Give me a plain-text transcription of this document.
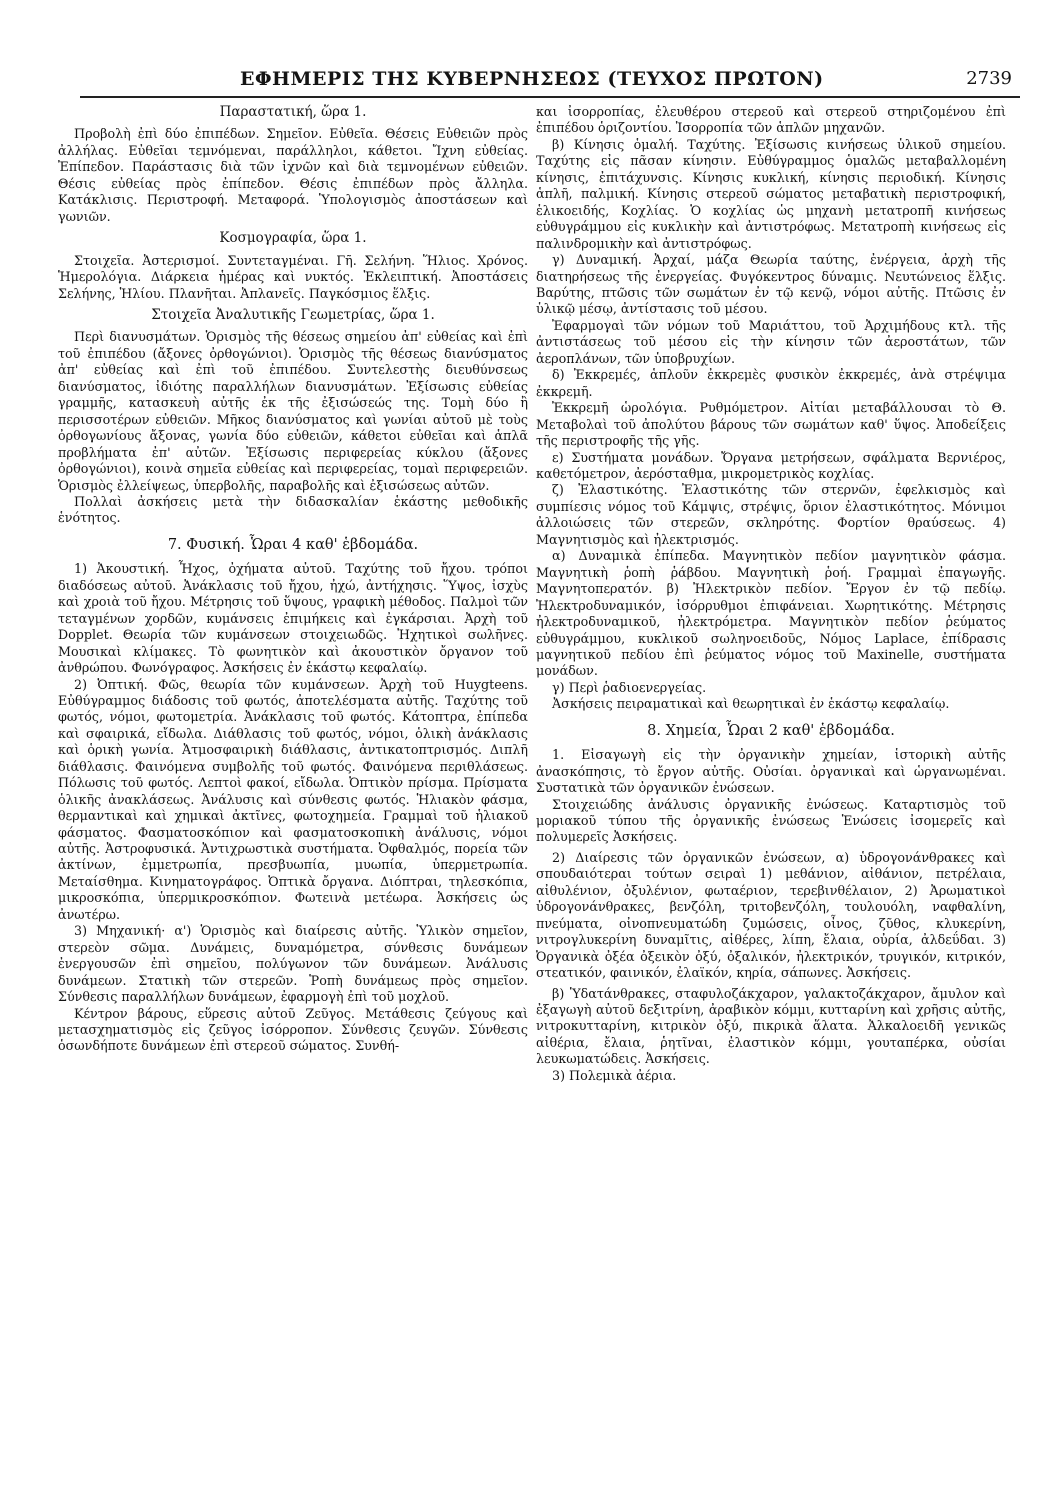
ΕΦΗΜΕΡΙΣ ΤΗΣ ΚΥΒΕΡΝΗΣΕΩΣ (ΤΕΥΧΟΣ ΠΡΩΤΟΝ)	2739

Παραστατική, ὥρα 1.

Προβολὴ ἐπὶ δύο ἐπιπέδων. Σημεῖον. Εὐθεῖα. Θέσεις Εὐθειῶν πρὸς ἀλλήλας. Εὐθεῖαι τεμνόμεναι, παράλληλοι, κάθετοι. Ἴχνη εὐθείας. Ἐπίπεδον. Παράστασις διὰ τῶν ἰχνῶν καὶ διὰ τεμνομένων εὐθειῶν. Θέσις εὐθείας πρὸς ἐπίπεδον. Θέσις ἐπιπέδων πρὸς ἄλληλα. Κατάκλισις. Περιστροφή. Μεταφορά. Ὑπολογισμὸς ἀποστάσεων καὶ γωνιῶν.

Κοσμογραφία, ὥρα 1.

Στοιχεῖα. Ἀστερισμοί. Συντεταγμέναι. Γῆ. Σελήνη. Ἥλιος. Χρόνος. Ἡμερολόγια. Διάρκεια ἡμέρας καὶ νυκτός. Ἐκλειπτική. Ἀποστάσεις Σελήνης, Ἡλίου. Πλανῆται. Ἀπλανεῖς. Παγκόσμιος ἕλξις.

Στοιχεῖα Ἀναλυτικῆς Γεωμετρίας, ὥρα 1.

Περὶ διανυσμάτων. Ὁρισμὸς τῆς θέσεως σημείου ἀπ' εὐθείας καὶ ἐπὶ τοῦ ἐπιπέδου (ἄξονες ὀρθογώνιοι). Ὁρισμὸς τῆς θέσεως διανύσματος ἀπ' εὐθείας καὶ ἐπὶ τοῦ ἐπιπέδου. Συντελεστὴς διευθύνσεως διανύσματος, ἰδιότης παραλλήλων διανυσμάτων. Ἐξίσωσις εὐθείας γραμμῆς, κατασκευὴ αὐτῆς ἐκ τῆς ἐξισώσεώς της. Τομὴ δύο ἢ περισσοτέρων εὐθειῶν. Μῆκος διανύσματος καὶ γωνίαι αὐτοῦ μὲ τοὺς ὀρθογωνίους ἄξονας, γωνία δύο εὐθειῶν, κάθετοι εὐθεῖαι καὶ ἁπλᾶ προβλήματα ἐπ' αὐτῶν. Ἐξίσωσις περιφερείας κύκλου (ἄξονες ὀρθογώνιοι), κοινὰ σημεῖα εὐθείας καὶ περιφερείας, τομαὶ περιφερειῶν. Ὁρισμὸς ἐλλείψεως, ὑπερβολῆς, παραβολῆς καὶ ἐξισώσεως αὐτῶν.

Πολλαὶ ἀσκήσεις μετὰ τὴν διδασκαλίαν ἑκάστης μεθοδικῆς ἑνότητος.

7. Φυσική. Ὧραι 4 καθ' ἑβδομάδα.

1) Ἀκουστική. Ἦχος, ὀχήματα αὐτοῦ. Ταχύτης τοῦ ἤχου. τρόποι διαδόσεως αὐτοῦ. Ἀνάκλασις τοῦ ἤχου, ἠχώ, ἀντήχησις. Ὕψος, ἰσχὺς καὶ χροιὰ τοῦ ἤχου. Μέτρησις τοῦ ὕψους, γραφικὴ μέθοδος. Παλμοὶ τῶν τεταγμένων χορδῶν, κυμάνσεις ἐπιμήκεις καὶ ἐγκάρσιαι. Ἀρχὴ τοῦ Dopplet. Θεωρία τῶν κυμάνσεων στοιχειωδῶς. Ἠχητικοὶ σωλῆνες. Μουσικαὶ κλίμακες. Τὸ φωνητικὸν καὶ ἀκουστικὸν ὄργανον τοῦ ἀνθρώπου. Φωνόγραφος. Ἀσκήσεις ἐν ἑκάστῳ κεφαλαίῳ.

2) Ὀπτική. Φῶς, θεωρία τῶν κυμάνσεων. Ἀρχὴ τοῦ Huygteens. Εὐθύγραμμος διάδοσις τοῦ φωτός, ἀποτελέσματα αὐτῆς. Ταχύτης τοῦ φωτός, νόμοι, φωτομετρία. Ἀνάκλασις τοῦ φωτός. Κάτοπτρα, ἐπίπεδα καὶ σφαιρικά, εἴδωλα. Διάθλασις τοῦ φωτός, νόμοι, ὁλικὴ ἀνάκλασις καὶ ὁρικὴ γωνία. Ἀτμοσφαιρικὴ διάθλασις, ἀντικατοπτρισμός. Διπλῆ διάθλασις. Φαινόμενα συμβολῆς τοῦ φωτός. Φαινόμενα περιθλάσεως. Πόλωσις τοῦ φωτός. Λεπτοὶ φακοί, εἴδωλα. Ὀπτικὸν πρίσμα. Πρίσματα ὁλικῆς ἀνακλάσεως. Ἀνάλυσις καὶ σύνθεσις φωτός. Ἡλιακὸν φάσμα, θερμαντικαὶ καὶ χημικαὶ ἀκτῖνες, φωτοχημεία. Γραμμαὶ τοῦ ἡλιακοῦ φάσματος. Φασματοσκόπιον καὶ φασματοσκοπικὴ ἀνάλυσις, νόμοι αὐτῆς. Ἀστροφυσικά. Ἀντιχρωστικὰ συστήματα. Ὀφθαλμός, πορεία τῶν ἀκτίνων, ἐμμετρωπία, πρεσβυωπία, μυωπία, ὑπερμετρωπία. Μεταίσθημα. Κινηματογράφος. Ὀπτικὰ ὄργανα. Διόπτραι, τηλεσκόπια, μικροσκόπια, ὑπερμικροσκόπιον. Φωτεινὰ μετέωρα. Ἀσκήσεις ὡς ἀνωτέρω.

3) Μηχανική· α') Ὁρισμὸς καὶ διαίρεσις αὐτῆς. Ὑλικὸν σημεῖον, στερεὸν σῶμα. Δυνάμεις, δυναμόμετρα, σύνθεσις δυνάμεων ἐνεργουσῶν ἐπὶ σημεῖου, πολύγωνον τῶν δυνάμεων. Ἀνάλυσις δυνάμεων. Στατικὴ τῶν στερεῶν. Ῥοπὴ δυνάμεως πρὸς σημεῖον. Σύνθεσις παραλλήλων δυνάμεων, ἐφαρμογὴ ἐπὶ τοῦ μοχλοῦ.

Κέντρον βάρους, εὕρεσις αὐτοῦ Ζεῦγος. Μετάθεσις ζεύγους καὶ μετασχηματισμὸς εἰς ζεῦγος ἰσόρροπον. Σύνθεσις ζευγῶν. Σύνθεσις ὁσωνδήποτε δυνάμεων ἐπὶ στερεοῦ σώματος. Συνθή-

και ἰσορροπίας, ἐλευθέρου στερεοῦ καὶ στερεοῦ στηριζομένου ἐπὶ ἐπιπέδου ὁριζοντίου. Ἰσορροπία τῶν ἁπλῶν μηχανῶν.

β) Κίνησις ὁμαλή. Ταχύτης. Ἐξίσωσις κινήσεως ὑλικοῦ σημείου. Ταχύτης εἰς πᾶσαν κίνησιν. Εὐθύγραμμος ὁμαλῶς μεταβαλλομένη κίνησις, ἐπιτάχυνσις. Κίνησις κυκλική, κίνησις περιοδική. Κίνησις ἁπλῆ, παλμική. Κίνησις στερεοῦ σώματος μεταβατικὴ περιστροφική, ἑλικοειδής, Κοχλίας. Ὁ κοχλίας ὡς μηχανὴ μετατροπῆ κινήσεως εὐθυγράμμου εἰς κυκλικὴν καὶ ἀντιστρόφως. Μετατροπὴ κινήσεως εἰς παλινδρομικὴν καὶ ἀντιστρόφως.

γ) Δυναμική. Ἀρχαί, μάζα Θεωρία ταύτης, ἐνέργεια, ἀρχὴ τῆς διατηρήσεως τῆς ἐνεργείας. Φυγόκεντρος δύναμις. Νευτώνειος ἕλξις. Βαρύτης, πτῶσις τῶν σωμάτων ἐν τῷ κενῷ, νόμοι αὐτῆς. Πτῶσις ἐν ὑλικῷ μέσῳ, ἀντίστασις τοῦ μέσου.

Ἐφαρμογαὶ τῶν νόμων τοῦ Μαριάττου, τοῦ Ἀρχιμήδους κτλ. τῆς ἀντιστάσεως τοῦ μέσου εἰς τὴν κίνησιν τῶν ἀεροστάτων, τῶν ἀεροπλάνων, τῶν ὑποβρυχίων.

δ) Ἐκκρεμές, ἁπλοῦν ἐκκρεμὲς φυσικὸν ἐκκρεμές, ἀνὰ στρέψιμα ἐκκρεμῆ.

Ἐκκρεμῆ ὡρολόγια. Ρυθμόμετρον. Αἰτίαι μεταβάλλουσαι τὸ Θ. Μεταβολαὶ τοῦ ἀπολύτου βάρους τῶν σωμάτων καθ' ὕψος. Ἀποδείξεις τῆς περιστροφῆς τῆς γῆς.

ε) Συστήματα μονάδων. Ὄργανα μετρήσεων, σφάλματα Βερνιέρος, καθετόμετρον, ἀερόσταθμα, μικρομετρικὸς κοχλίας.

ζ) Ἐλαστικότης. Ἐλαστικότης τῶν στερνῶν, ἐφελκισμὸς καὶ συμπίεσις νόμος τοῦ Κάμψις, στρέψις, ὅριον ἐλαστικότητος. Μόνιμοι ἀλλοιώσεις τῶν στερεῶν, σκληρότης. Φορτίον θραύσεως. 4) Μαγνητισμὸς καὶ ἠλεκτρισμός.

α) Δυναμικὰ ἐπίπεδα. Μαγνητικὸν πεδίον μαγνητικὸν φάσμα. Μαγνητικὴ ῥοπὴ ῥάβδου. Μαγνητικὴ ῥοή. Γραμμαὶ ἐπαγωγῆς. Μαγνητοπερατόν. β) Ἠλεκτρικὸν πεδίον. Ἔργον ἐν τῷ πεδίῳ. Ἠλεκτροδυναμικόν, ἰσόρρυθμοι ἐπιφάνειαι. Χωρητικότης. Μέτρησις ἠλεκτροδυναμικοῦ, ἠλεκτρόμετρα. Μαγνητικὸν πεδίον ῥεύματος εὐθυγράμμου, κυκλικοῦ σωληνοειδοῦς, Νόμος Laplace, ἐπίδρασις μαγνητικοῦ πεδίου ἐπὶ ῥεύματος νόμος τοῦ Maxinelle, συστήματα μονάδων.

γ) Περὶ ῥαδιοενεργείας.

Ἀσκήσεις πειραματικαὶ καὶ θεωρητικαὶ ἐν ἑκάστῳ κεφαλαίῳ.

8. Χημεία, Ὧραι 2 καθ' ἑβδομάδα.

1. Εἰσαγωγὴ εἰς τὴν ὀργανικὴν χημείαν, ἱστορικὴ αὐτῆς ἀνασκόπησις, τὸ ἔργον αὐτῆς. Οὐσίαι. ὀργανικαὶ καὶ ὡργανωμέναι. Συστατικὰ τῶν ὀργανικῶν ἐνώσεων.

Στοιχειώδης ἀνάλυσις ὀργανικῆς ἐνώσεως. Καταρτισμὸς τοῦ μοριακοῦ τύπου τῆς ὀργανικῆς ἐνώσεως Ἑνώσεις ἰσομερεῖς καὶ πολυμερεῖς Ἀσκήσεις.

2) Διαίρεσις τῶν ὀργανικῶν ἐνώσεων, α) ὑδρογονάνθρακες καὶ σπουδαιότεραι τούτων σειραὶ 1) μεθάνιον, αἰθάνιον, πετρέλαια, αἰθυλένιον, ὀξυλένιον, φωταέριον, τερεβινθέλαιον, 2) Ἀρωματικοὶ ὑδρογονάνθρακες, βενζόλη, τριτοβενζόλη, τουλουόλη, ναφθαλίνη, πνεύματα, οἰνοπνευματώδη ζυμώσεις, οἶνος, ζῦθος, κλυκερίνη, νιτρογλυκερίνη δυναμῖτις, αἰθέρες, λίπη, ἔλαια, οὐρία, ἀλδεΰδαι. 3) Ὀργανικὰ ὀξέα ὀξεικὸν ὀξύ, ὀξαλικόν, ἠλεκτρικόν, τρυγικόν, κιτρικόν, στεατικόν, φαινικόν, ἐλαϊκόν, κηρία, σάπωνες. Ἀσκήσεις.

β) Ὑδατάνθρακες, σταφυλοζάκχαρον, γαλακτοζάκχαρον, ἄμυλον καὶ ἐξαγωγὴ αὐτοῦ δεξιτρίνη, ἀραβικὸν κόμμι, κυτταρίνη καὶ χρῆσις αὐτῆς, νιτροκυτταρίνη, κιτρικὸν ὀξύ, πικρικὰ ἅλατα. Ἀλκαλοειδῆ γενικῶς αἰθέρια, ἔλαια, ῥητῖναι, ἐλαστικὸν κόμμι, γουταπέρκα, οὐσίαι λευκωματώδεις. Ἀσκήσεις.

3) Πολεμικὰ ἀέρια.
